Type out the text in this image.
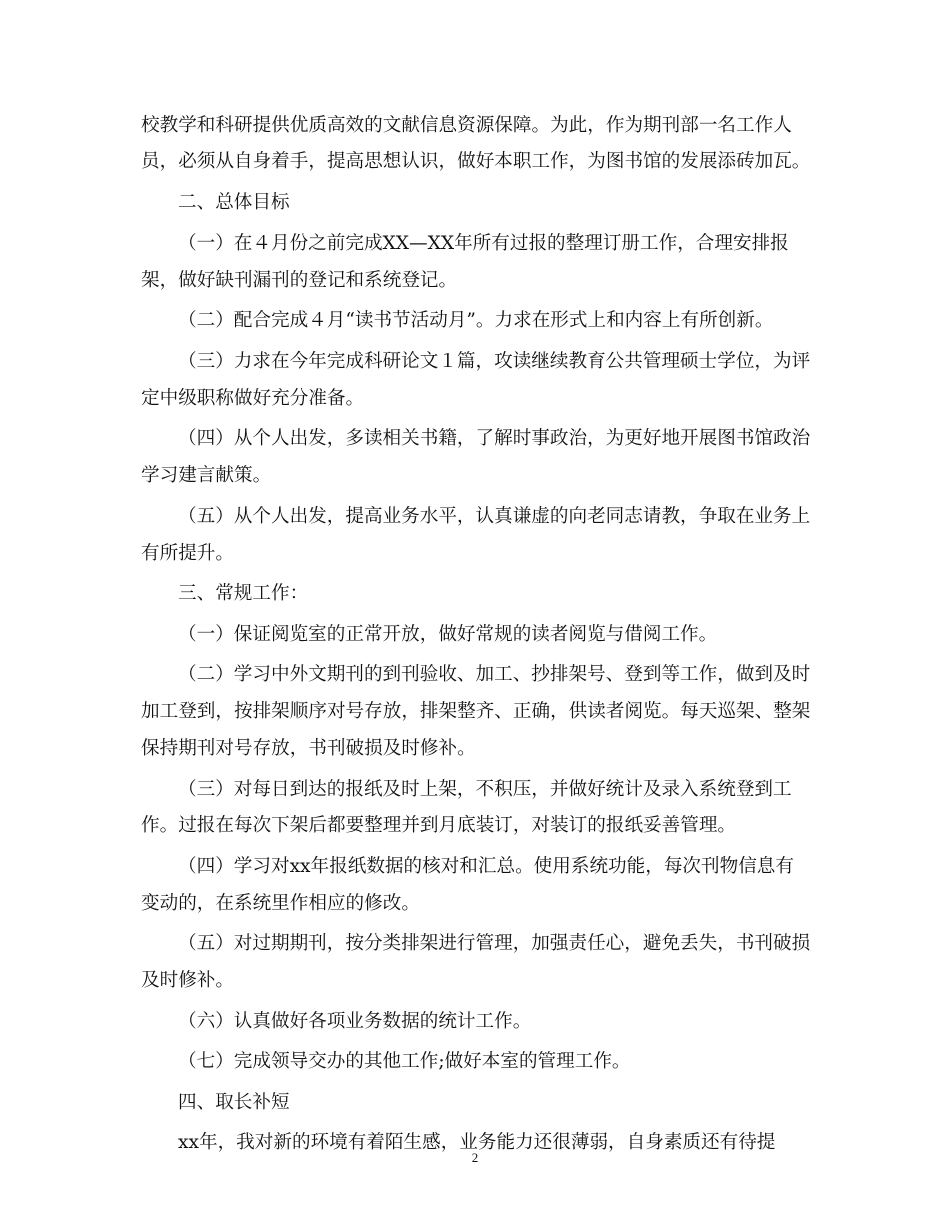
校教学和科研提供优质高效的文献信息资源保障。为此，作为期刊部一名工作人
员，必须从自身着手，提高思想认识，做好本职工作，为图书馆的发展添砖加瓦。
二、总体目标
（一）在４月份之前完成XX—XX年所有过报的整理订册工作，合理安排报
架，做好缺刊漏刊的登记和系统登记。
（二）配合完成４月“读书节活动月”。力求在形式上和内容上有所创新。
（三）力求在今年完成科研论文１篇，攻读继续教育公共管理硕士学位，为评
定中级职称做好充分准备。
（四）从个人出发，多读相关书籍，了解时事政治，为更好地开展图书馆政治
学习建言献策。
（五）从个人出发，提高业务水平，认真谦虚的向老同志请教，争取在业务上
有所提升。
三、常规工作：
（一）保证阅览室的正常开放，做好常规的读者阅览与借阅工作。
（二）学习中外文期刊的到刊验收、加工、抄排架号、登到等工作，做到及时
加工登到，按排架顺序对号存放，排架整齐、正确，供读者阅览。每天巡架、整架
保持期刊对号存放，书刊破损及时修补。
（三）对每日到达的报纸及时上架，不积压，并做好统计及录入系统登到工
作。过报在每次下架后都要整理并到月底装订，对装订的报纸妥善管理。
（四）学习对xx年报纸数据的核对和汇总。使用系统功能，每次刊物信息有
变动的，在系统里作相应的修改。
（五）对过期期刊，按分类排架进行管理，加强责任心，避免丢失，书刊破损
及时修补。
（六）认真做好各项业务数据的统计工作。
（七）完成领导交办的其他工作;做好本室的管理工作。
四、取长补短
xx年，我对新的环境有着陌生感，业务能力还很薄弱，自身素质还有待提
2
